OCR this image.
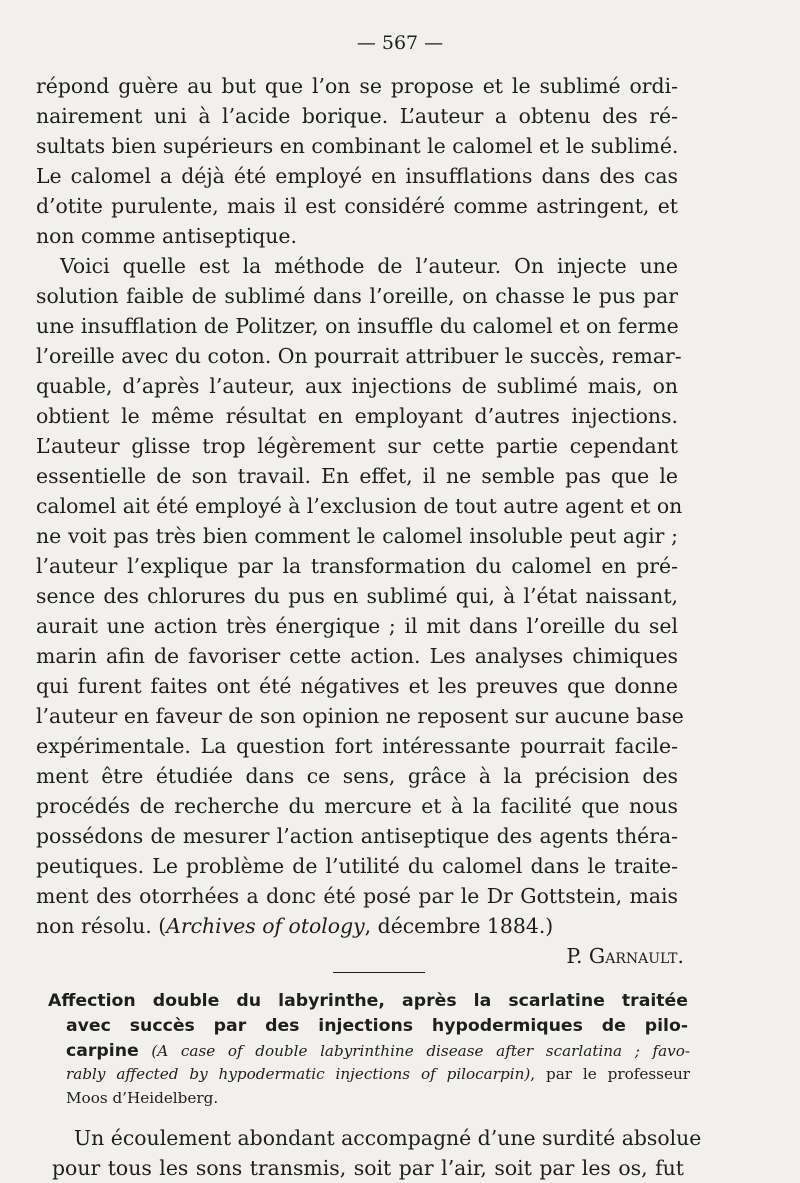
— 567 —
répond guère au but que l’on se propose et le sublimé ordi-
nairement uni à l’acide borique. L’auteur a obtenu des ré-
sultats bien supérieurs en combinant le calomel et le sublimé.
Le calomel a déjà été employé en insufflations dans des cas
d’otite purulente, mais il est considéré comme astringent, et
non comme antiseptique.
Voici quelle est la méthode de l’auteur. On injecte une
solution faible de sublimé dans l’oreille, on chasse le pus par
une insufflation de Politzer, on insuffle du calomel et on ferme
l’oreille avec du coton. On pourrait attribuer le succès, remar-
quable, d’après l’auteur, aux injections de sublimé mais, on
obtient le même résultat en employant d’autres injections.
L’auteur glisse trop légèrement sur cette partie cependant
essentielle de son travail. En effet, il ne semble pas que le
calomel ait été employé à l’exclusion de tout autre agent et on
ne voit pas très bien comment le calomel insoluble peut agir ;
l’auteur l’explique par la transformation du calomel en pré-
sence des chlorures du pus en sublimé qui, à l’état naissant,
aurait une action très énergique ; il mit dans l’oreille du sel
marin afin de favoriser cette action. Les analyses chimiques
qui furent faites ont été négatives et les preuves que donne
l’auteur en faveur de son opinion ne reposent sur aucune base
expérimentale. La question fort intéressante pourrait facile-
ment être étudiée dans ce sens, grâce à la précision des
procédés de recherche du mercure et à la facilité que nous
possédons de mesurer l’action antiseptique des agents théra-
peutiques. Le problème de l’utilité du calomel dans le traite-
ment des otorrhées a donc été posé par le Dr Gottstein, mais
non résolu. (Archives of otology, décembre 1884.)
P. Garnault.
Affection double du labyrinthe, après la scarlatine traitée
avec succès par des injections hypodermiques de pilo-
carpine (A case of double labyrinthine disease after scarlatina ; favo-
rably affected by hypodermatic injections of pilocarpin), par le professeur
Moos d’Heidelberg.
Un écoulement abondant accompagné d’une surdité absolue
pour tous les sons transmis, soit par l’air, soit par les os, fut
